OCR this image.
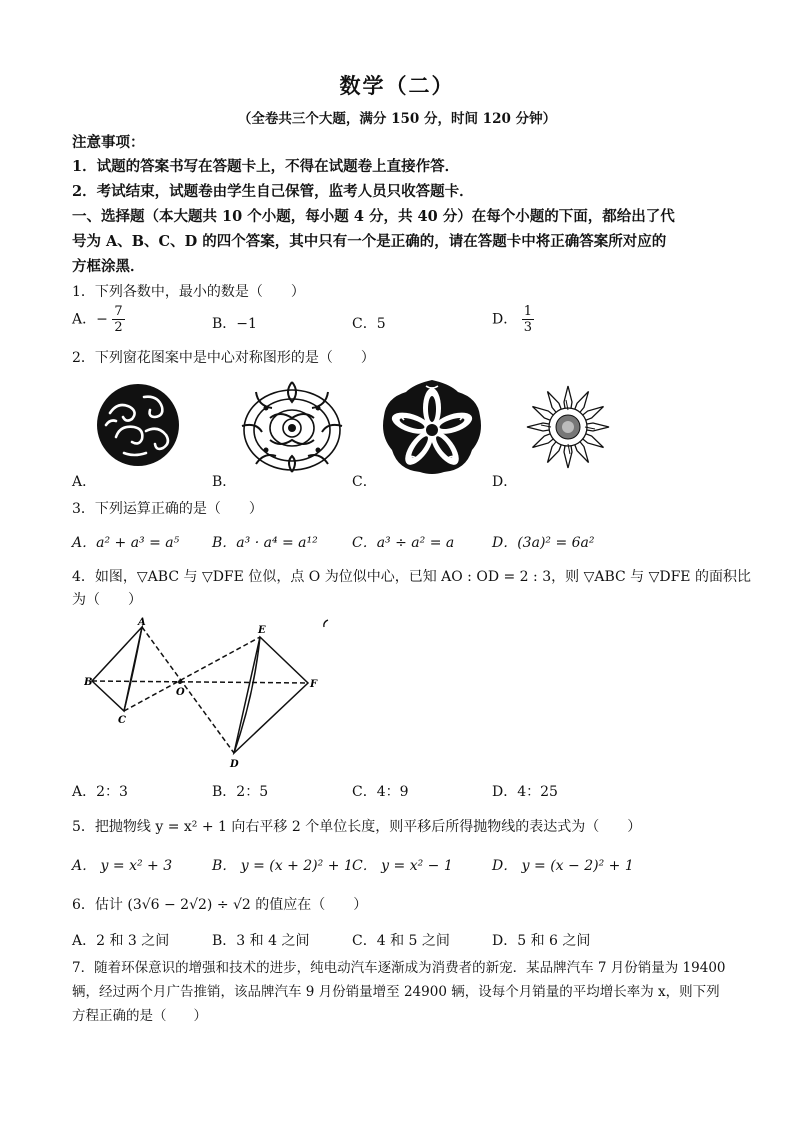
数学（二）
（全卷共三个大题，满分 150 分，时间 120 分钟）
注意事项：
1．试题的答案书写在答题卡上，不得在试题卷上直接作答．
2．考试结束，试题卷由学生自己保管，监考人员只收答题卡．
一、选择题（本大题共 10 个小题，每小题 4 分，共 40 分）在每个小题的下面，都给出了代
号为 A、B、C、D 的四个答案，其中只有一个是正确的，请在答题卡中将正确答案所对应的
方框涂黑．
1．下列各数中，最小的数是（　　）
A．− $\frac{7}{2}$	B．−1	C．5	D． $\frac{1}{3}$
2．下列窗花图案中是中心对称图形的是（　　）
A．	B．	C．	D．
3．下列运算正确的是（　　）
A．a² + a³ = a⁵ B．a³ · a⁴ = a¹² C．a³ ÷ a² = a	D．(3a)² = 6a²
4．如图，▽ABC 与 ▽DFE 位似，点 O 为位似中心，已知 AO : OD = 2 : 3，则 ▽ABC 与 ▽DFE 的面积比
为（　　）
A
B
C
O
E
F
D
A．2：3	B．2：5	C．4：9	D．4：25
5．把抛物线 y = x² + 1 向右平移 2 个单位长度，则平移后所得抛物线的表达式为（　　）
A． y = x² + 3	B． y = (x + 2)² + 1 C． y = x² − 1	D． y = (x − 2)² + 1
6．估计 (3√6 − 2√2) ÷ √2 的值应在（　　）
A．2 和 3 之间	B．3 和 4 之间	C．4 和 5 之间	D．5 和 6 之间
7．随着环保意识的增强和技术的进步，纯电动汽车逐渐成为消费者的新宠．某品牌汽车 7 月份销量为 19400
辆，经过两个月广告推销，该品牌汽车 9 月份销量增至 24900 辆，设每个月销量的平均增长率为 x，则下列
方程正确的是（　　）
